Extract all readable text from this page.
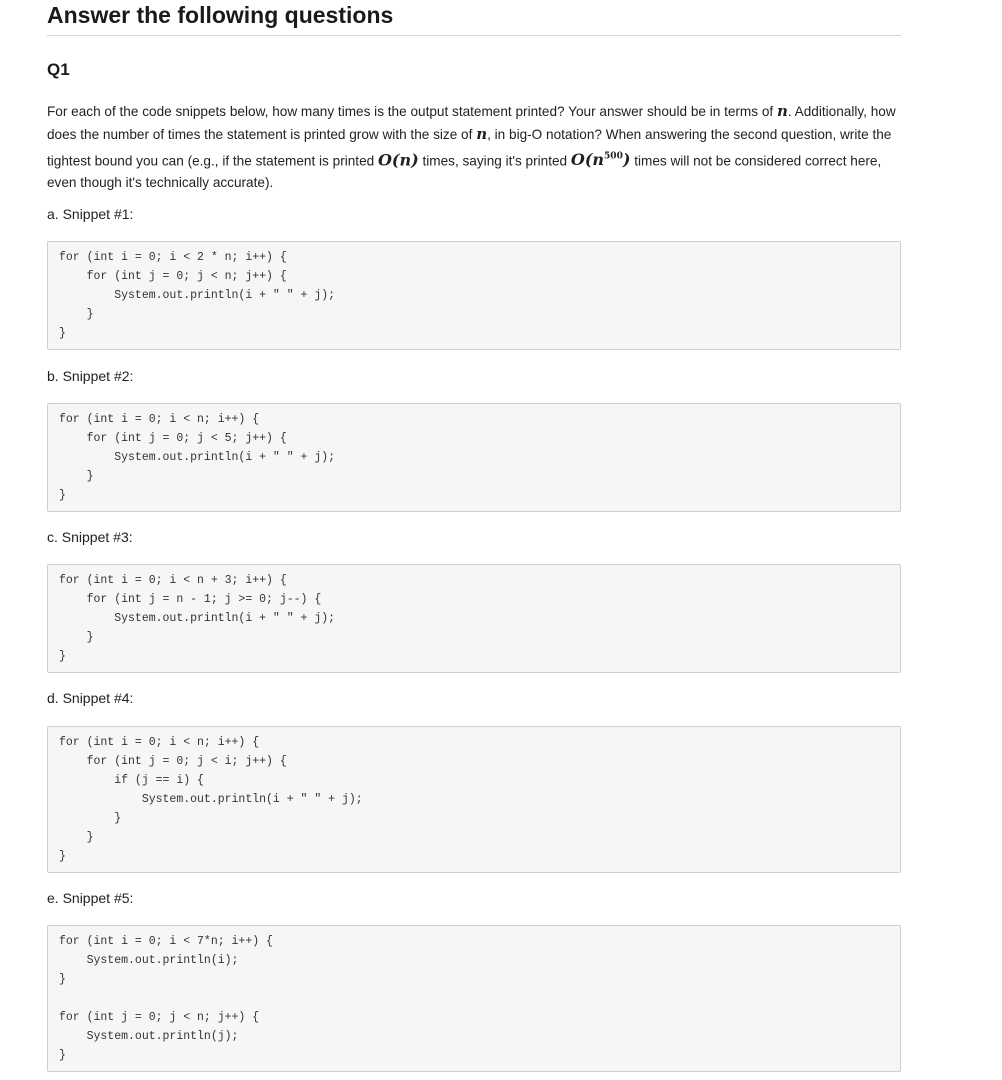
Answer the following questions
Q1

For each of the code snippets below, how many times is the output statement printed? Your answer should be in terms of n. Additionally, how does the number of times the statement is printed grow with the size of n, in big-O notation? When answering the second question, write the tightest bound you can (e.g., if the statement is printed O(n) times, saying it's printed $O(n^{500})$ times will not be considered correct here, even though it's technically accurate).

a. Snippet #1:

for (int i = 0; i < 2 * n; i++) {
for (int j = 0; j < n; j++) {
System.out.println(i + " " + j);
}
}

b. Snippet #2:

for (int i = 0; i < n; i++) {
for (int j = 0; j < 5; j++) {
System.out.println(i + " " + j);
}
}

c. Snippet #3:

for (int i = 0; i < n + 3; i++) {
for (int j = n - 1; j >= 0; j--) {
System.out.println(i + " " + j);
}
}

d. Snippet #4:

for (int i = 0; i < n; i++) {
for (int j = 0; j < i; j++) {
if (j == i) {
System.out.println(i + " " + j);
}
}
}

e. Snippet #5:

for (int i = 0; i < 7*n; i++) {
System.out.println(i);
}
for (int j = 0; j < n; j++) {
System.out.println(j);
}
